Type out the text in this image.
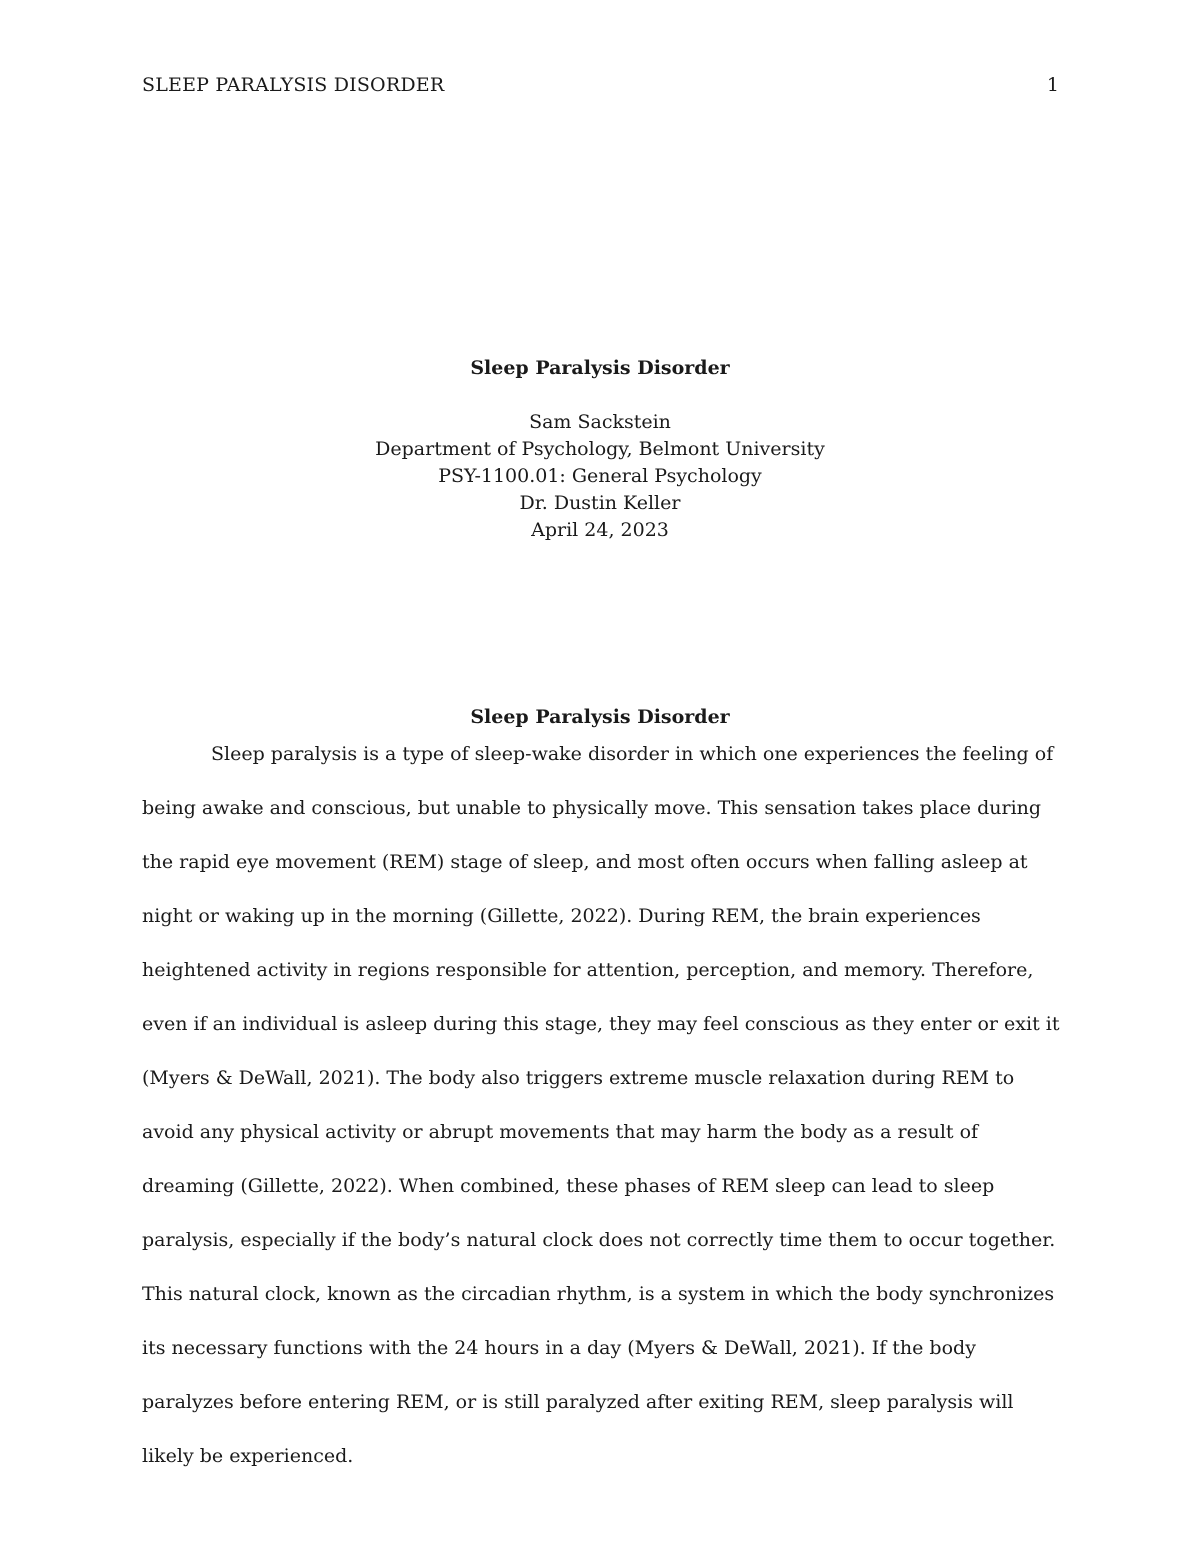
SLEEP PARALYSIS DISORDER	1

Sleep Paralysis Disorder

Sam Sackstein

Department of Psychology, Belmont University

PSY-1100.01: General Psychology

Dr. Dustin Keller

April 24, 2023

Sleep Paralysis Disorder

Sleep paralysis is a type of sleep-wake disorder in which one experiences the feeling of being awake and conscious, but unable to physically move. This sensation takes place during the rapid eye movement (REM) stage of sleep, and most often occurs when falling asleep at night or waking up in the morning (Gillette, 2022). During REM, the brain experiences heightened activity in regions responsible for attention, perception, and memory. Therefore, even if an individual is asleep during this stage, they may feel conscious as they enter or exit it (Myers & DeWall, 2021). The body also triggers extreme muscle relaxation during REM to avoid any physical activity or abrupt movements that may harm the body as a result of dreaming (Gillette, 2022). When combined, these phases of REM sleep can lead to sleep paralysis, especially if the body’s natural clock does not correctly time them to occur together. This natural clock, known as the circadian rhythm, is a system in which the body synchronizes its necessary functions with the 24 hours in a day (Myers & DeWall, 2021). If the body paralyzes before entering REM, or is still paralyzed after exiting REM, sleep paralysis will likely be experienced.
